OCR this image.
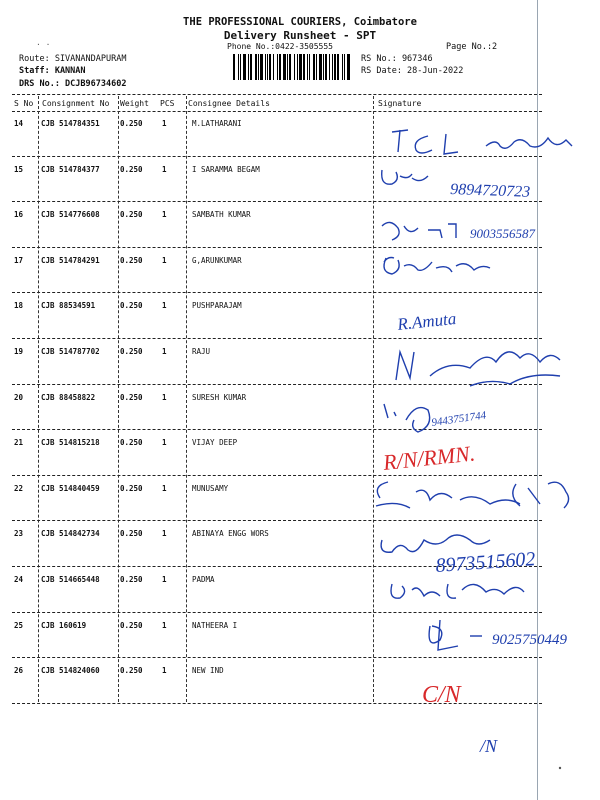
· ·
THE PROFESSIONAL COURIERS, Coimbatore
Delivery Runsheet - SPT
Phone No.:0422-3505555	Page No.:2
Route: SIVANANDAPURAM
Staff: KANNAN
DRS No.: DCJB96734602
RS No.: 967346
RS Date: 28-Jun-2022
S No Consignment No Weight PCS Consignee Details	Signature
14 CJB 514784351	0.250	1	M.LATHARANI
15 CJB 514784377	0.250	1	I SARAMMA BEGAM
16 CJB 514776608	0.250	1	SAMBATH KUMAR
17 CJB 514784291	0.250	1	G,ARUNKUMAR
18 CJB 88534591	0.250	1	PUSHPARAJAM
19 CJB 514787702	0.250	1	RAJU
20 CJB 88458822	0.250	1	SURESH KUMAR
21 CJB 514815218	0.250	1	VIJAY DEEP
22 CJB 514840459	0.250	1	MUNUSAMY
23 CJB 514842734	0.250	1	ABINAYA ENGG WORS
24 CJB 514665448	0.250	1	PADMA
25 CJB 160619	0.250	1	NATHEERA I
26 CJB 514824060	0.250	1	NEW IND
9894720723
9003556587
R.Amuta
9443751744
R/N/RMN.
8973515602
9025750449
C/N
/N
